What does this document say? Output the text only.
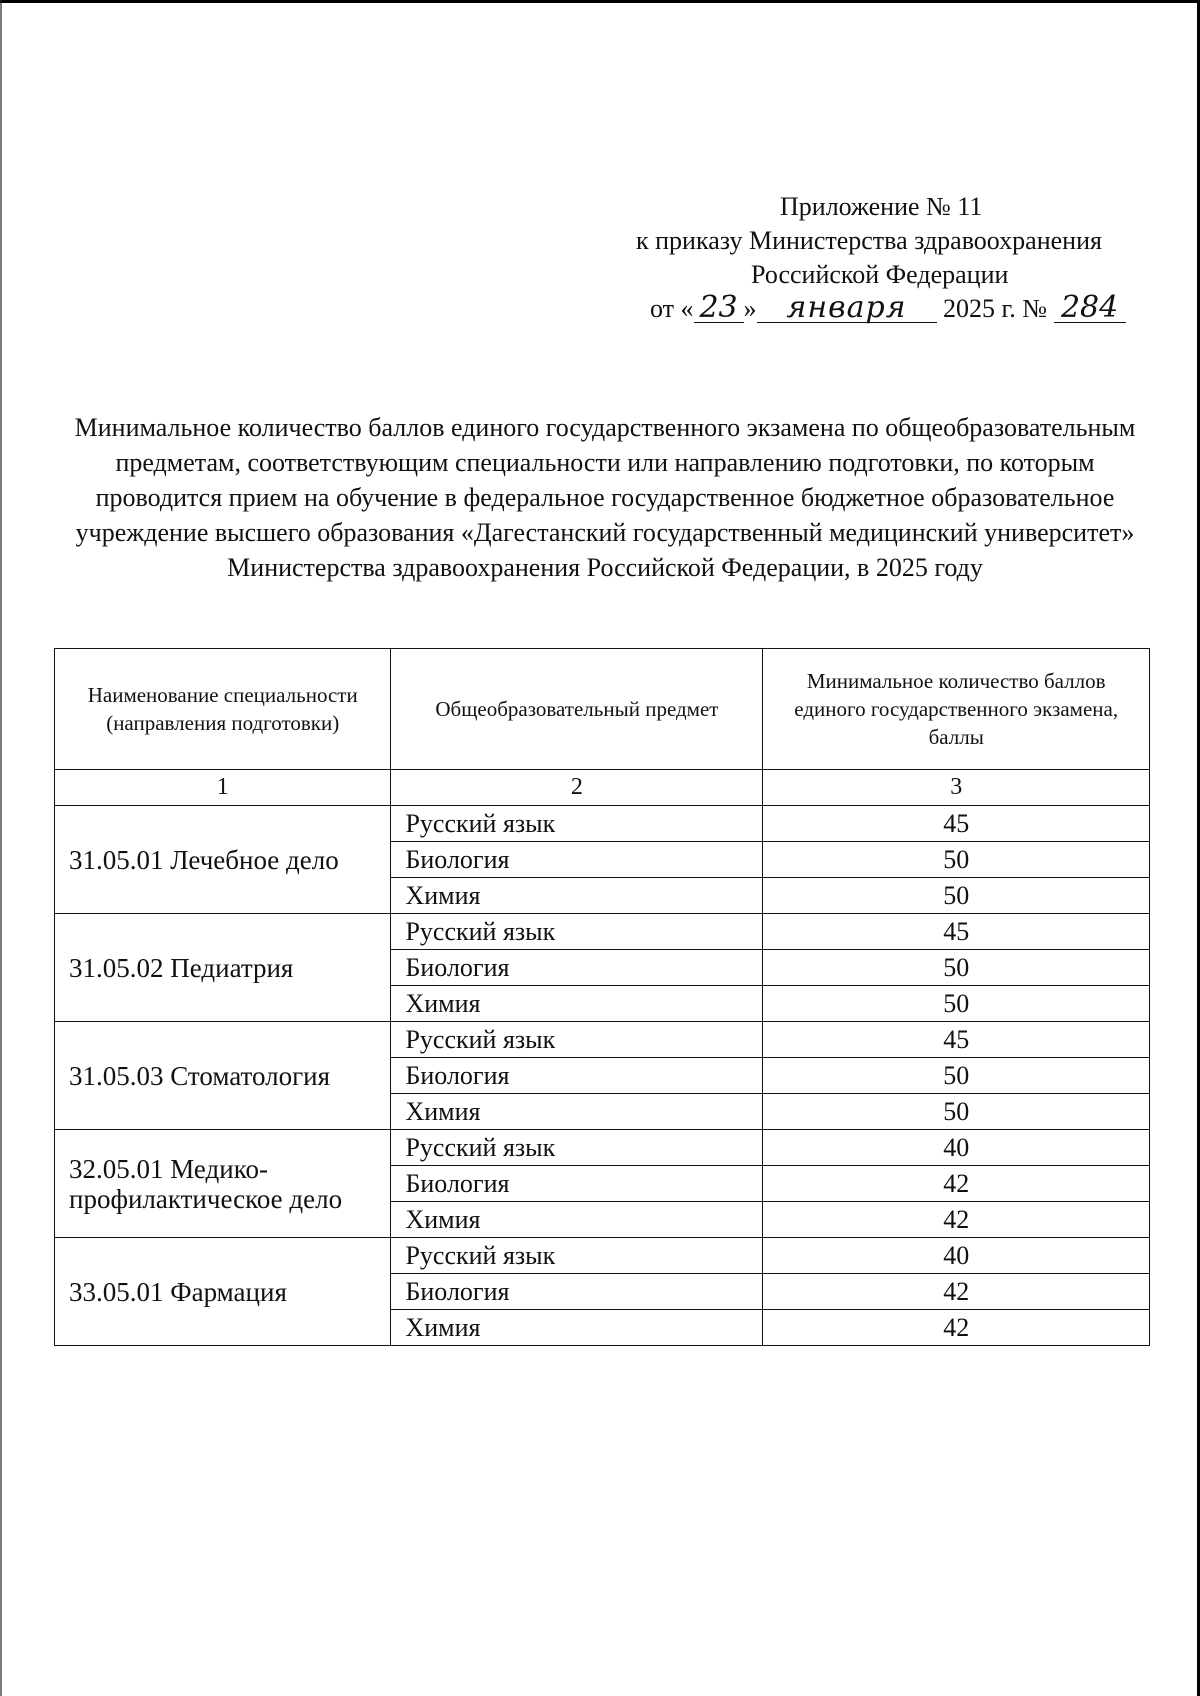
Приложение № 11
к приказу Министерства здравоохранения
Российской Федерации
от « 23 » января 2025 г. № 284
Минимальное количество баллов единого государственного экзамена по общеобразовательным предметам, соответствующим специальности или направлению подготовки, по которым проводится прием на обучение в федеральное государственное бюджетное образовательное учреждение высшего образования «Дагестанский государственный медицинский университет» Министерства здравоохранения Российской Федерации, в 2025 году
Наименование специальности (направления подготовки)	Общеобразовательный предмет	Минимальное количество баллов единого государственного экзамена, баллы
1	2	3
31.05.01 Лечебное дело	Русский язык	45
	Биология	50
	Химия	50
31.05.02 Педиатрия	Русский язык	45
	Биология	50
	Химия	50
31.05.03 Стоматология	Русский язык	45
	Биология	50
	Химия	50
32.05.01 Медико-профилактическое дело	Русский язык	40
	Биология	42
	Химия	42
33.05.01 Фармация	Русский язык	40
	Биология	42
	Химия	42
